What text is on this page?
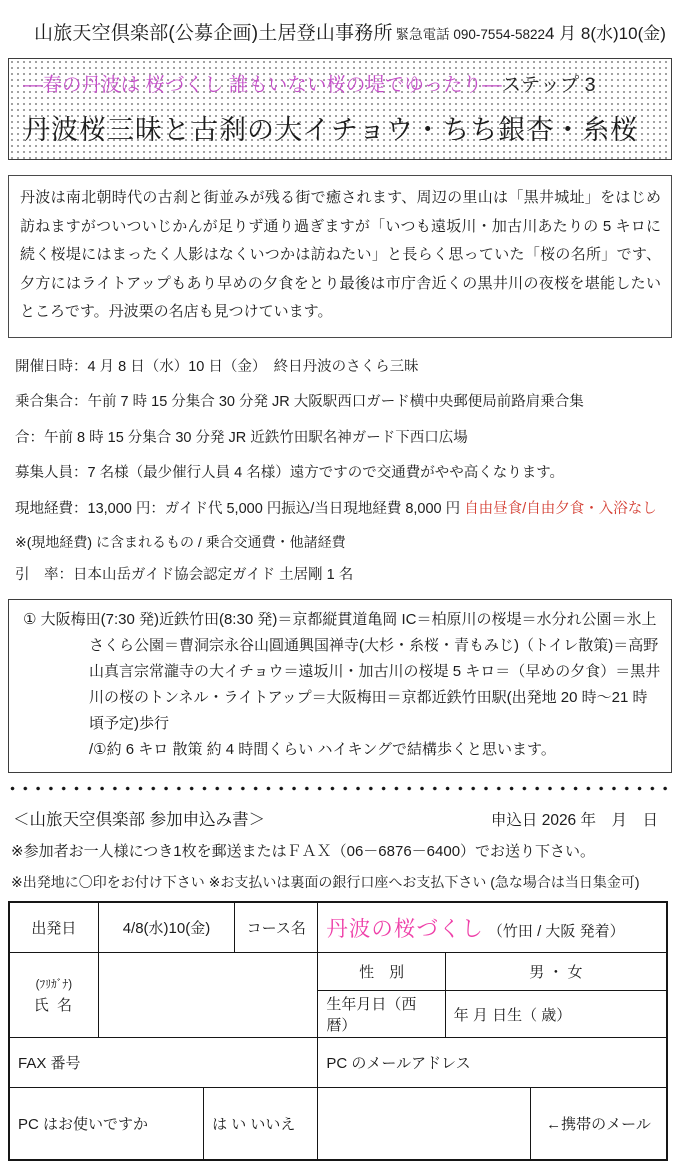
山旅天空倶楽部(公募企画)土居登山事務所 緊急電話 090-7554-5822 4 月 8(水)10(金)
―春の丹波は 桜づくし 誰もいない桜の堤でゆったり―ステップ 3
丹波桜三昧と古刹の大イチョウ・ちち銀杏・糸桜
丹波は南北朝時代の古刹と街並みが残る街で癒されます、周辺の里山は「黒井城址」をはじめ訪ねますがついついじかんが足りず通り過ぎますが「いつも遠坂川・加古川あたりの 5 キロに続く桜堤にはまったく人影はなくいつかは訪ねたい」と長らく思っていた「桜の名所」です、夕方にはライトアップもあり早めの夕食をとり最後は市庁舎近くの黒井川の夜桜を堪能したいところです。丹波栗の名店も見つけています。

開催日時：4 月 8 日（水）10 日（金）　終日丹波のさくら三昧

乗合集合：午前 7 時 15 分集合 30 分発 JR 大阪駅西口ガード横中央郵便局前路肩乗合集

合：午前 8 時 15 分集合 30 分発 JR 近鉄竹田駅名神ガード下西口広場

募集人員：7 名様（最少催行人員 4 名様）遠方ですので交通費がやや高くなります。

現地経費：13,000 円：ガイド代 5,000 円振込/当日現地経費 8,000 円 自由昼食/自由夕食・入浴なし

※(現地経費) に含まれるもの / 乗合交通費・他諸経費

引　率：日本山岳ガイド協会認定ガイド 土居剛 1 名

① 大阪梅田(7:30 発)近鉄竹田(8:30 発)＝京都縦貫道亀岡 IC＝柏原川の桜堤＝水分れ公園＝氷上さくら公園＝曹洞宗永谷山圓通興国禅寺(大杉・糸桜・青もみじ)（トイレ散策)＝高野山真言宗常瀧寺の大イチョウ＝遠坂川・加古川の桜堤 5 キロ＝（早めの夕食）＝黒井川の桜のトンネル・ライトアップ＝大阪梅田＝京都近鉄竹田駅(出発地 20 時～21 時頃予定)歩行
/①約 6 キロ 散策 約 4 時間くらい ハイキングで結構歩くと思います。
＜山旅天空倶楽部 参加申込み書＞	申込日 2026 年　月　日
※参加者お一人様につき1枚を郵送またはＦＡＸ（06－6876－6400）でお送り下さい。
※出発地に〇印をお付け下さい ※お支払いは裏面の銀行口座へお支払下さい (急な場合は当日集金可)
出発日	4/8(水)10(金)		コース名	丹波の桜づくし （竹田 / 大阪 発着）		

(ﾌﾘｶﾞﾅ)
氏 名				性　別	男 ・ 女	
				生年月日（西暦）	年 月 日生（ 歳）	
FAX 番号				PC のメールアドレス		
PC はお使いですか		は い いいえ				←携帯のメール
